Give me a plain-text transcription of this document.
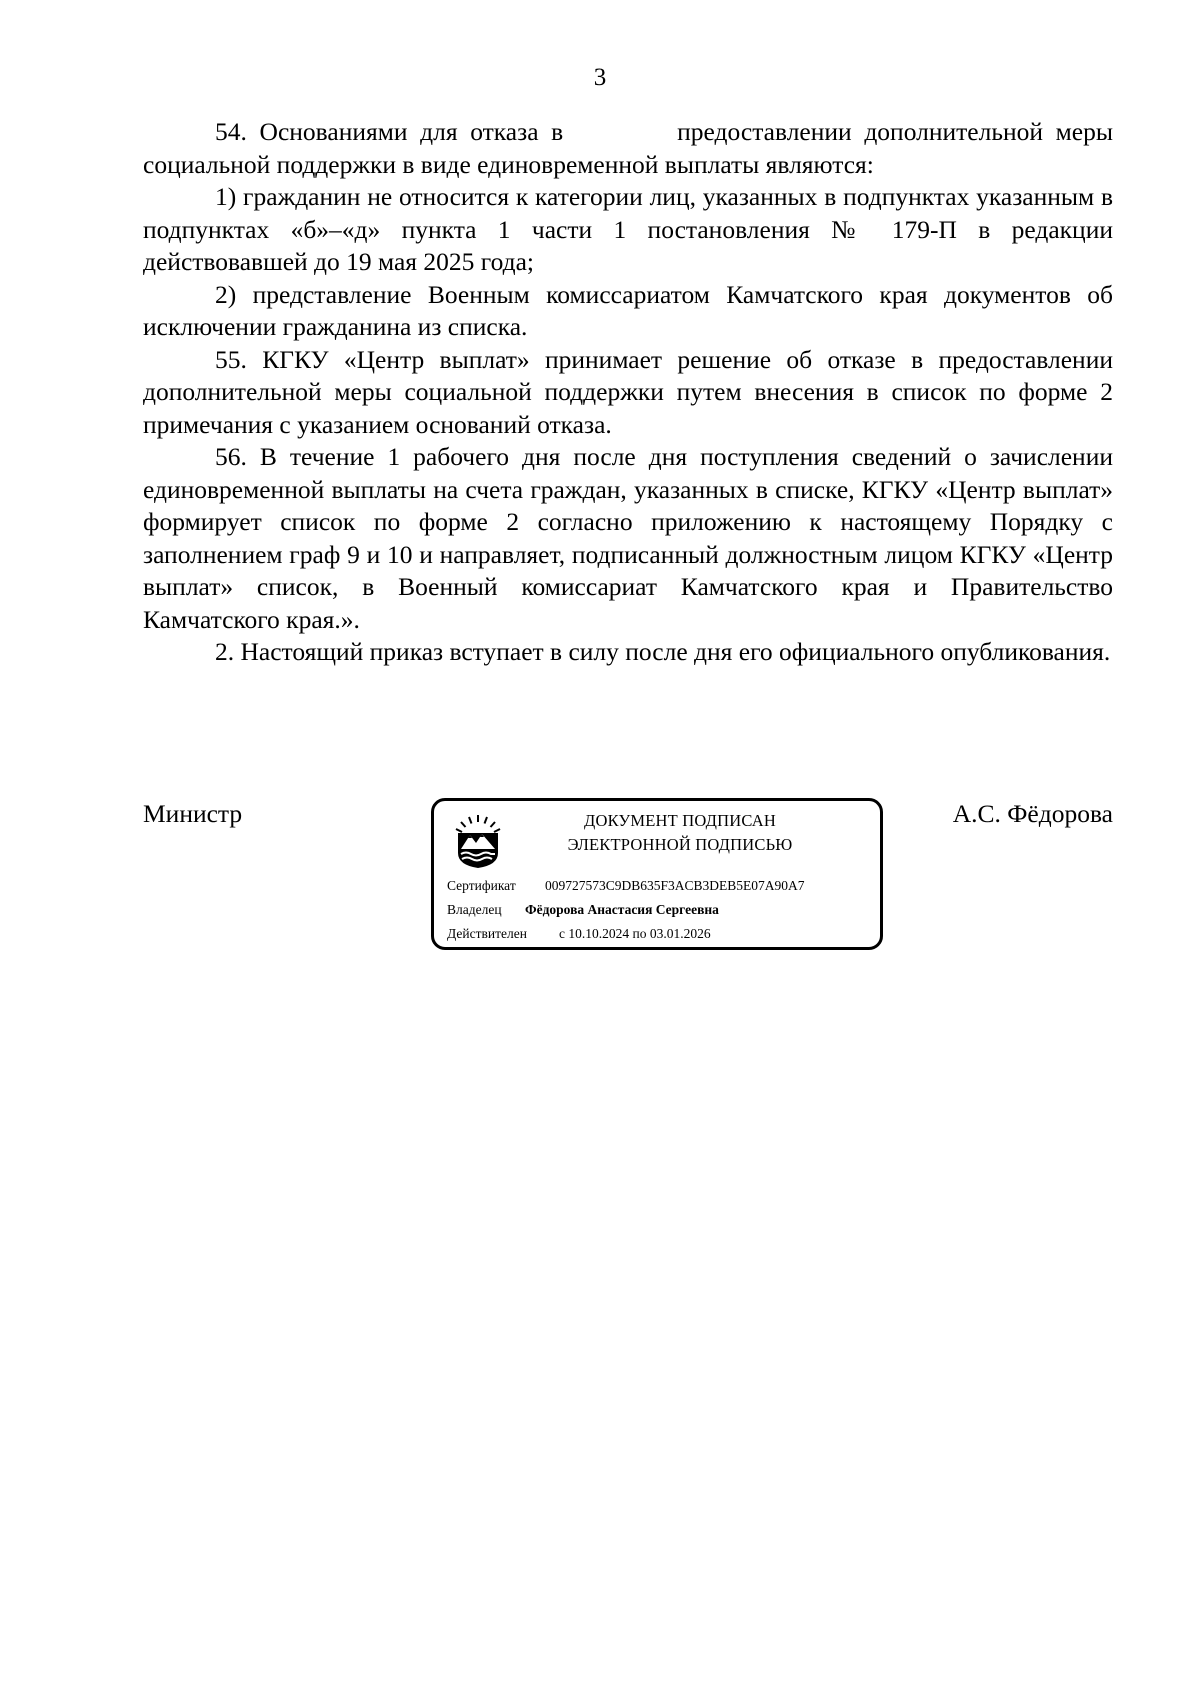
3

54. Основаниями для отказа в         предоставлении дополнительной меры социальной поддержки в виде единовременной выплаты являются:

1) гражданин не относится к категории лиц, указанных в подпунктах указанным в подпунктах «б»–«д» пункта 1 части 1 постановления № 179-П в редакции действовавшей до 19 мая 2025 года;

2) представление Военным комиссариатом Камчатского края документов об исключении гражданина из списка.

55. КГКУ «Центр выплат» принимает решение об отказе в предоставлении дополнительной меры социальной поддержки путем внесения в список по форме 2 примечания с указанием оснований отказа.

56. В течение 1 рабочего дня после дня поступления сведений о зачислении единовременной выплаты на счета граждан, указанных в списке, КГКУ «Центр выплат» формирует список по форме 2 согласно приложению к настоящему Порядку с заполнением граф 9 и 10 и направляет, подписанный должностным лицом КГКУ «Центр выплат» список, в Военный комиссариат Камчатского края и Правительство Камчатского края.».

2. Настоящий приказ вступает в силу после дня его официального опубликования.

Министр	ДОКУМЕНТ ПОДПИСАН
ЭЛЕКТРОННОЙ ПОДПИСЬЮ
Сертификат 009727573C9DB635F3ACB3DEB5E07A90A7
Владелец Фёдорова Анастасия Сергеевна
Действителен с 10.10.2024 по 03.01.2026
А.С. Фёдорова
